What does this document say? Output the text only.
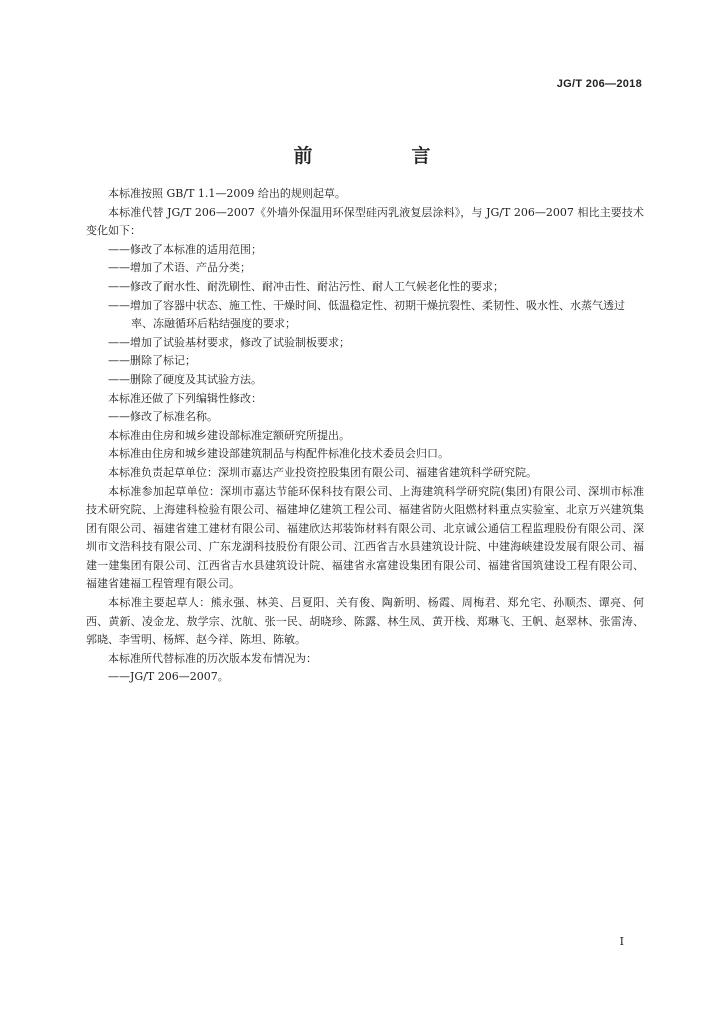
JG/T 206—2018
前　言

本标准按照 GB/T 1.1—2009 给出的规则起草。

本标准代替 JG/T 206—2007《外墙外保温用环保型硅丙乳液复层涂料》，与 JG/T 206—2007 相比主要技术变化如下：

——修改了本标准的适用范围；

——增加了术语、产品分类；

——修改了耐水性、耐洗刷性、耐冲击性、耐沾污性、耐人工气候老化性的要求；

——增加了容器中状态、施工性、干燥时间、低温稳定性、初期干燥抗裂性、柔韧性、吸水性、水蒸气透过率、冻融循环后粘结强度的要求；

——增加了试验基材要求，修改了试验制板要求；

——删除了标记；

——删除了硬度及其试验方法。

本标准还做了下列编辑性修改：

——修改了标准名称。

本标准由住房和城乡建设部标准定额研究所提出。

本标准由住房和城乡建设部建筑制品与构配件标准化技术委员会归口。

本标准负责起草单位：深圳市嘉达产业投资控股集团有限公司、福建省建筑科学研究院。

本标准参加起草单位：深圳市嘉达节能环保科技有限公司、上海建筑科学研究院(集团)有限公司、深圳市标准技术研究院、上海建科检验有限公司、福建坤亿建筑工程公司、福建省防火阻燃材料重点实验室、北京万兴建筑集团有限公司、福建省建工建材有限公司、福建欣达邦装饰材料有限公司、北京诚公通信工程监理股份有限公司、深圳市文浩科技有限公司、广东龙湖科技股份有限公司、江西省吉水县建筑设计院、中建海峡建设发展有限公司、福建一建集团有限公司、江西省吉水县建筑设计院、福建省永富建设集团有限公司、福建省国筑建设工程有限公司、福建省建福工程管理有限公司。

本标准主要起草人：熊永强、林美、吕夏阳、关有俊、陶新明、杨霞、周梅君、郑允宅、孙顺杰、谭亮、何西、黄新、凌金龙、敖学宗、沈航、张一民、胡晓珍、陈露、林生凤、黄开栈、郑琳飞、王帆、赵翠林、张雷涛、郭晓、李雪明、杨辉、赵今祥、陈坦、陈敏。

本标准所代替标准的历次版本发布情况为：

——JG/T 206—2007。

I
